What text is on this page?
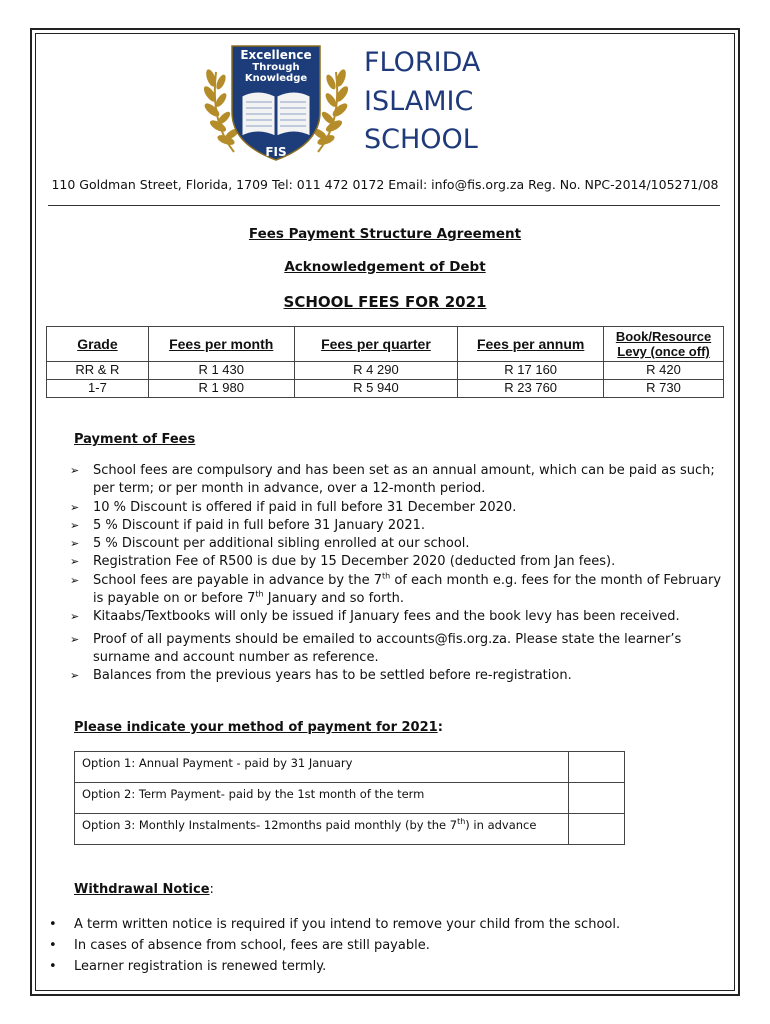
Excellence
Through
Knowledge
FIS
FLORIDA
ISLAMIC
SCHOOL
110 Goldman Street, Florida, 1709 Tel: 011 472 0172 Email: info@fis.org.za Reg. No. NPC-2014/105271/08
Fees Payment Structure Agreement
Acknowledgement of Debt
SCHOOL FEES FOR 2021
Grade	Fees per month	Fees per quarter	Fees per annum	Book/Resource Levy (once off)
RR & R	R 1 430	R 4 290	R 17 160	R 420
1-7	R 1 980	R 5 940	R 23 760	R 730
Payment of Fees
➢ School fees are compulsory and has been set as an annual amount, which can be paid as such; per term; or per month in advance, over a 12-month period.
➢ 10 % Discount is offered if paid in full before 31 December 2020.
➢ 5 % Discount if paid in full before 31 January 2021.
➢ 5 % Discount per additional sibling enrolled at our school.
➢ Registration Fee of R500 is due by 15 December 2020 (deducted from Jan fees).
➢ School fees are payable in advance by the 7th of each month e.g. fees for the month of February is payable on or before 7th January and so forth.
➢ Kitaabs/Textbooks will only be issued if January fees and the book levy has been received.
➢ Proof of all payments should be emailed to accounts@fis.org.za. Please state the learner’s surname and account number as reference.
➢ Balances from the previous years has to be settled before re-registration.
Please indicate your method of payment for 2021:
Option 1: Annual Payment - paid by 31 January	
Option 2: Term Payment- paid by the 1st month of the term	
Option 3: Monthly Instalments- 12months paid monthly (by the 7th) in advance	
Withdrawal Notice:
• A term written notice is required if you intend to remove your child from the school.
• In cases of absence from school, fees are still payable.
• Learner registration is renewed termly.
